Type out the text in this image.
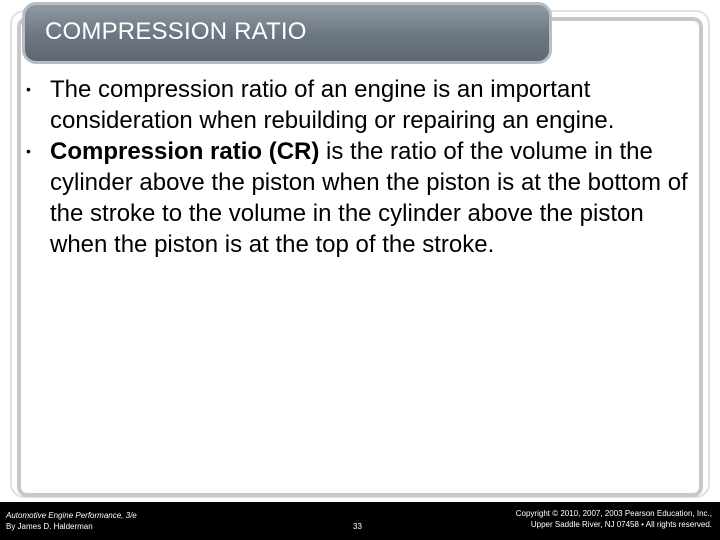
COMPRESSION RATIO
• The compression ratio of an engine is an important consideration when rebuilding or repairing an engine.
• Compression ratio (CR) is the ratio of the volume in the cylinder above the piston when the piston is at the bottom of the stroke to the volume in the cylinder above the piston when the piston is at the top of the stroke.
Automotive Engine Performance, 3/e
By James D. Halderman	33
Copyright © 2010, 2007, 2003 Pearson Education, Inc.,
Upper Saddle River, NJ 07458 • All rights reserved.
